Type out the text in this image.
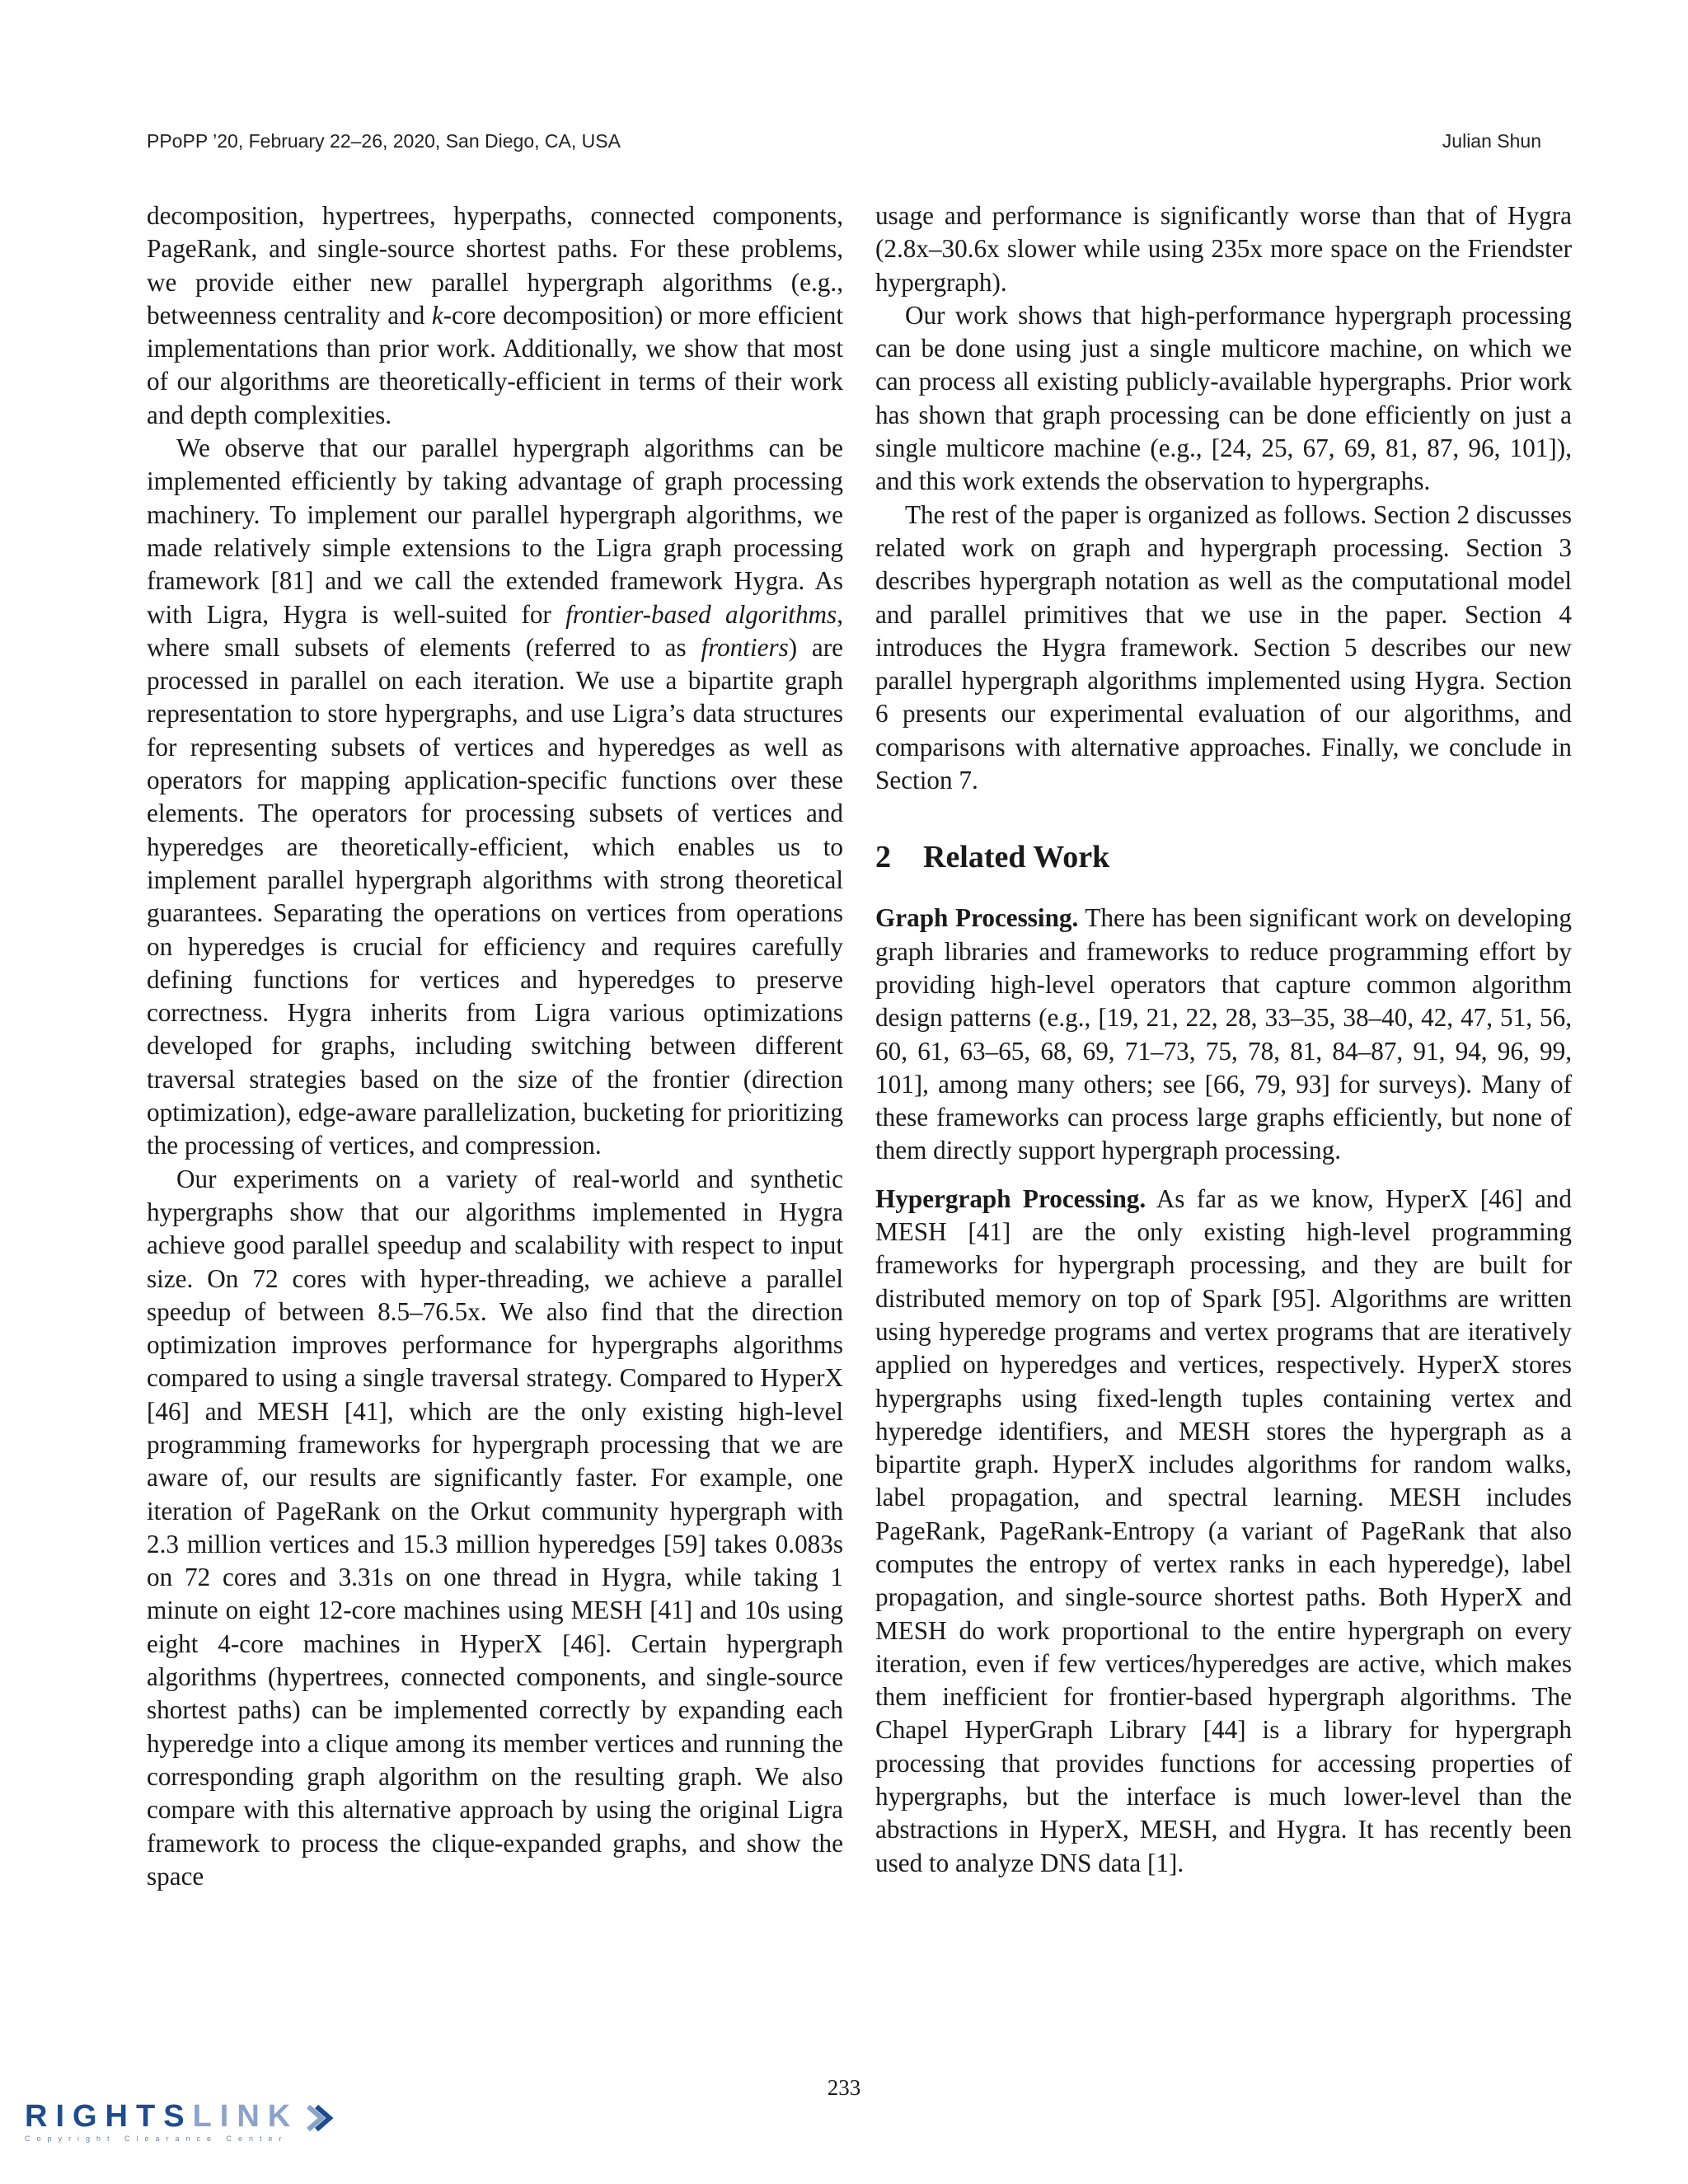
PPoPP ’20, February 22–26, 2020, San Diego, CA, USA	Julian Shun

decomposition, hypertrees, hyperpaths, connected components, PageRank, and single-source shortest paths. For these problems, we provide either new parallel hypergraph algorithms (e.g., betweenness centrality and k-core decomposition) or more efficient implementations than prior work. Additionally, we show that most of our algorithms are theoretically-efficient in terms of their work and depth complexities.

We observe that our parallel hypergraph algorithms can be implemented efficiently by taking advantage of graph processing machinery. To implement our parallel hypergraph algorithms, we made relatively simple extensions to the Ligra graph processing framework [81] and we call the extended framework Hygra. As with Ligra, Hygra is well-suited for frontier-based algorithms, where small subsets of elements (referred to as frontiers) are processed in parallel on each iteration. We use a bipartite graph representation to store hypergraphs, and use Ligra’s data structures for representing subsets of vertices and hyperedges as well as operators for mapping application-specific functions over these elements. The operators for processing subsets of vertices and hyperedges are theoretically-efficient, which enables us to implement parallel hypergraph algorithms with strong theoretical guarantees. Separating the operations on vertices from operations on hyperedges is crucial for efficiency and requires carefully defining functions for vertices and hyperedges to preserve correctness. Hygra inherits from Ligra various optimizations developed for graphs, including switching between different traversal strategies based on the size of the frontier (direction optimization), edge-aware parallelization, bucketing for prioritizing the processing of vertices, and compression.

Our experiments on a variety of real-world and synthetic hypergraphs show that our algorithms implemented in Hygra achieve good parallel speedup and scalability with respect to input size. On 72 cores with hyper-threading, we achieve a parallel speedup of between 8.5–76.5x. We also find that the direction optimization improves performance for hypergraphs algorithms compared to using a single traversal strategy. Compared to HyperX [46] and MESH [41], which are the only existing high-level programming frameworks for hypergraph processing that we are aware of, our results are significantly faster. For example, one iteration of PageRank on the Orkut community hypergraph with 2.3 million vertices and 15.3 million hyperedges [59] takes 0.083s on 72 cores and 3.31s on one thread in Hygra, while taking 1 minute on eight 12-core machines using MESH [41] and 10s using eight 4-core machines in HyperX [46]. Certain hypergraph algorithms (hypertrees, connected components, and single-source shortest paths) can be implemented correctly by expanding each hyperedge into a clique among its member vertices and running the corresponding graph algorithm on the resulting graph. We also compare with this alternative approach by using the original Ligra framework to process the clique-expanded graphs, and show the space

usage and performance is significantly worse than that of Hygra (2.8x–30.6x slower while using 235x more space on the Friendster hypergraph).

Our work shows that high-performance hypergraph processing can be done using just a single multicore machine, on which we can process all existing publicly-available hypergraphs. Prior work has shown that graph processing can be done efficiently on just a single multicore machine (e.g., [24, 25, 67, 69, 81, 87, 96, 101]), and this work extends the observation to hypergraphs.

The rest of the paper is organized as follows. Section 2 discusses related work on graph and hypergraph processing. Section 3 describes hypergraph notation as well as the computational model and parallel primitives that we use in the paper. Section 4 introduces the Hygra framework. Section 5 describes our new parallel hypergraph algorithms implemented using Hygra. Section 6 presents our experimental evaluation of our algorithms, and comparisons with alternative approaches. Finally, we conclude in Section 7.

2 Related Work

Graph Processing. There has been significant work on developing graph libraries and frameworks to reduce programming effort by providing high-level operators that capture common algorithm design patterns (e.g., [19, 21, 22, 28, 33–35, 38–40, 42, 47, 51, 56, 60, 61, 63–65, 68, 69, 71–73, 75, 78, 81, 84–87, 91, 94, 96, 99, 101], among many others; see [66, 79, 93] for surveys). Many of these frameworks can process large graphs efficiently, but none of them directly support hypergraph processing.

Hypergraph Processing. As far as we know, HyperX [46] and MESH [41] are the only existing high-level programming frameworks for hypergraph processing, and they are built for distributed memory on top of Spark [95]. Algorithms are written using hyperedge programs and vertex programs that are iteratively applied on hyperedges and vertices, respectively. HyperX stores hypergraphs using fixed-length tuples containing vertex and hyperedge identifiers, and MESH stores the hypergraph as a bipartite graph. HyperX includes algorithms for random walks, label propagation, and spectral learning. MESH includes PageRank, PageRank-Entropy (a variant of PageRank that also computes the entropy of vertex ranks in each hyperedge), label propagation, and single-source shortest paths. Both HyperX and MESH do work proportional to the entire hypergraph on every iteration, even if few vertices/hyperedges are active, which makes them inefficient for frontier-based hypergraph algorithms. The Chapel HyperGraph Library [44] is a library for hypergraph processing that provides functions for accessing properties of hypergraphs, but the interface is much lower-level than the abstractions in HyperX, MESH, and Hygra. It has recently been used to analyze DNS data [1].

233
RIGHTSLINK
Copyright Clearance Center
